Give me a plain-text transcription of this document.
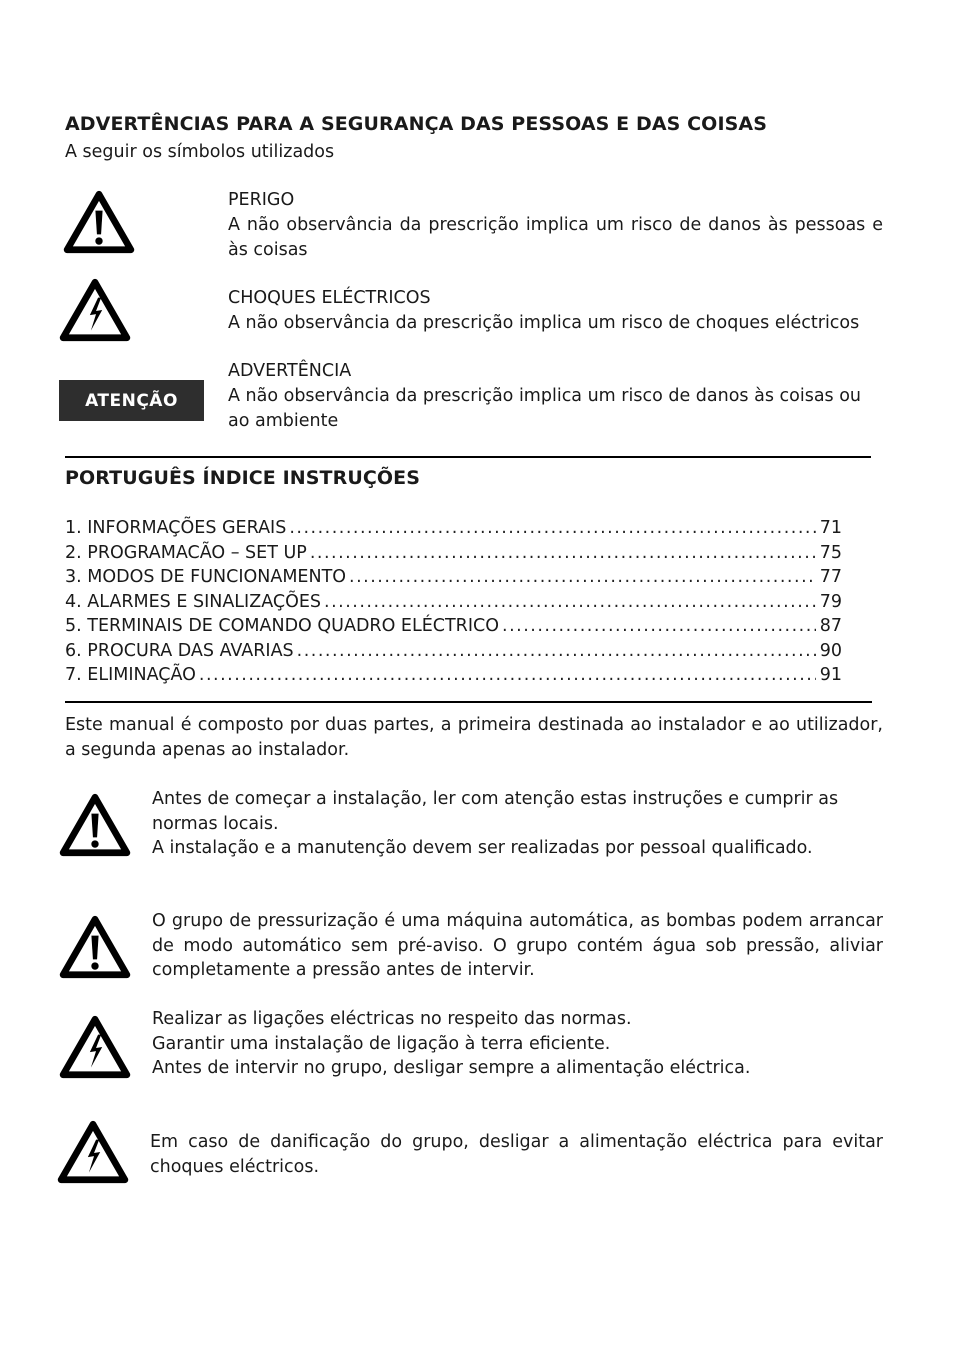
ADVERTÊNCIAS PARA A SEGURANÇA DAS PESSOAS E DAS COISAS
A seguir os símbolos utilizados
PERIGO
A não observância da prescrição implica um risco de danos às pessoas e às coisas
CHOQUES ELÉCTRICOS
A não observância da prescrição implica um risco de choques eléctricos
ATENÇÃO
ADVERTÊNCIA
A não observância da prescrição implica um risco de danos às coisas ou ao ambiente
PORTUGUÊS ÍNDICE INSTRUÇÕES
1. INFORMAÇÕES GERAIS .....	71
2. PROGRAMACÃO – SET UP .....	75
3. MODOS DE FUNCIONAMENTO .....	77
4. ALARMES E SINALIZAÇÕES .....	79
5. TERMINAIS DE COMANDO QUADRO ELÉCTRICO .....	87
6. PROCURA DAS AVARIAS .....	90
7. ELIMINAÇÃO .....	91
Este manual é composto por duas partes, a primeira destinada ao instalador e ao utilizador, a segunda apenas ao instalador.
Antes de começar a instalação, ler com atenção estas instruções e cumprir as normas locais.
A instalação e a manutenção devem ser realizadas por pessoal qualificado.
O grupo de pressurização é uma máquina automática, as bombas podem arrancar de modo automático sem pré-aviso. O grupo contém água sob pressão, aliviar completamente a pressão antes de intervir.
Realizar as ligações eléctricas no respeito das normas.
Garantir uma instalação de ligação à terra eficiente.
Antes de intervir no grupo, desligar sempre a alimentação eléctrica.
Em caso de danificação do grupo, desligar a alimentação eléctrica para evitar choques eléctricos.
